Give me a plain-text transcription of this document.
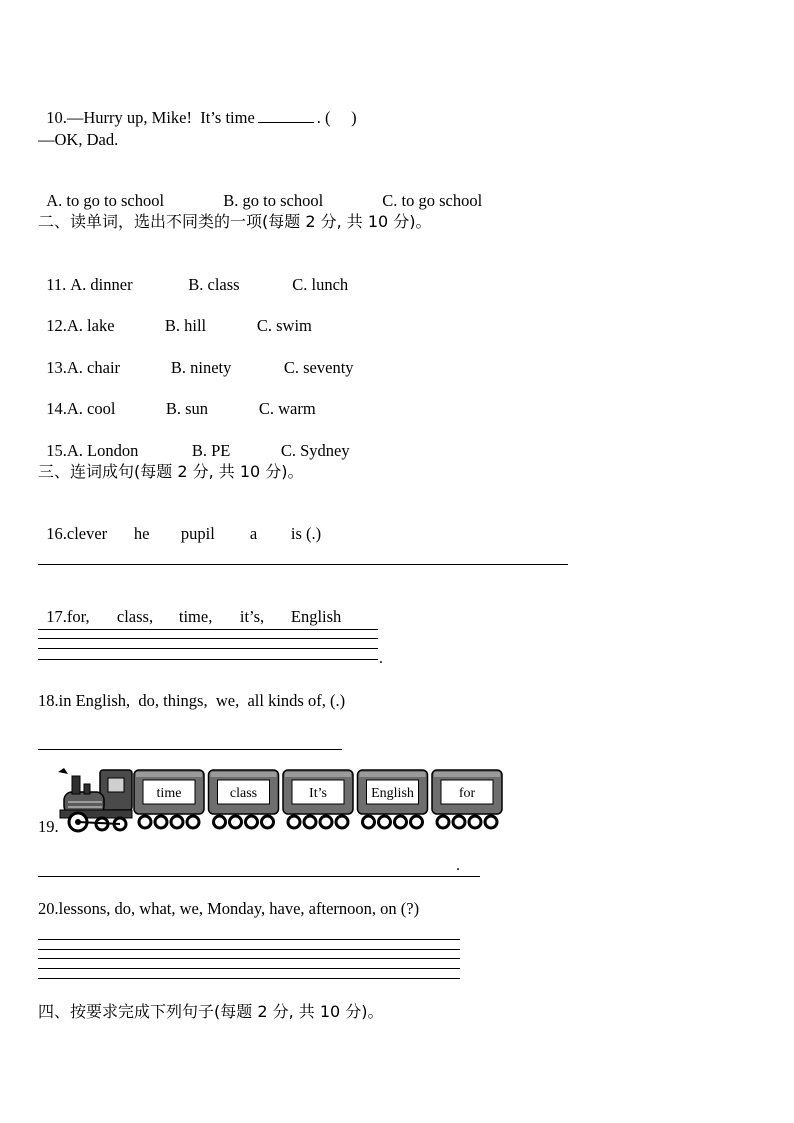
10.—Hurry up, Mike!  It’s time	. (     )

—OK, Dad.

A. to go to school	B. go to school	C. to go school

二、读单词，选出不同类的一项(每题 2 分, 共 10 分)。

11. A. dinner	B. class	C. lunch

12.A. lake	B. hill	C. swim

13.A. chair	B. ninety	C. seventy

14.A. cool	B. sun	C. warm

15.A. London	B. PE	C. Sydney

三、连词成句(每题 2 分, 共 10 分)。

16.clever he pupil a is (.)

17.for, class, time, it’s, English

.
18.in English,  do, things,  we,  all kinds of, (.)
19.
time	class	It’s	English	for
.
20.lessons, do, what, we, Monday, have, afternoon, on (?)
四、按要求完成下列句子(每题 2 分, 共 10 分)。
